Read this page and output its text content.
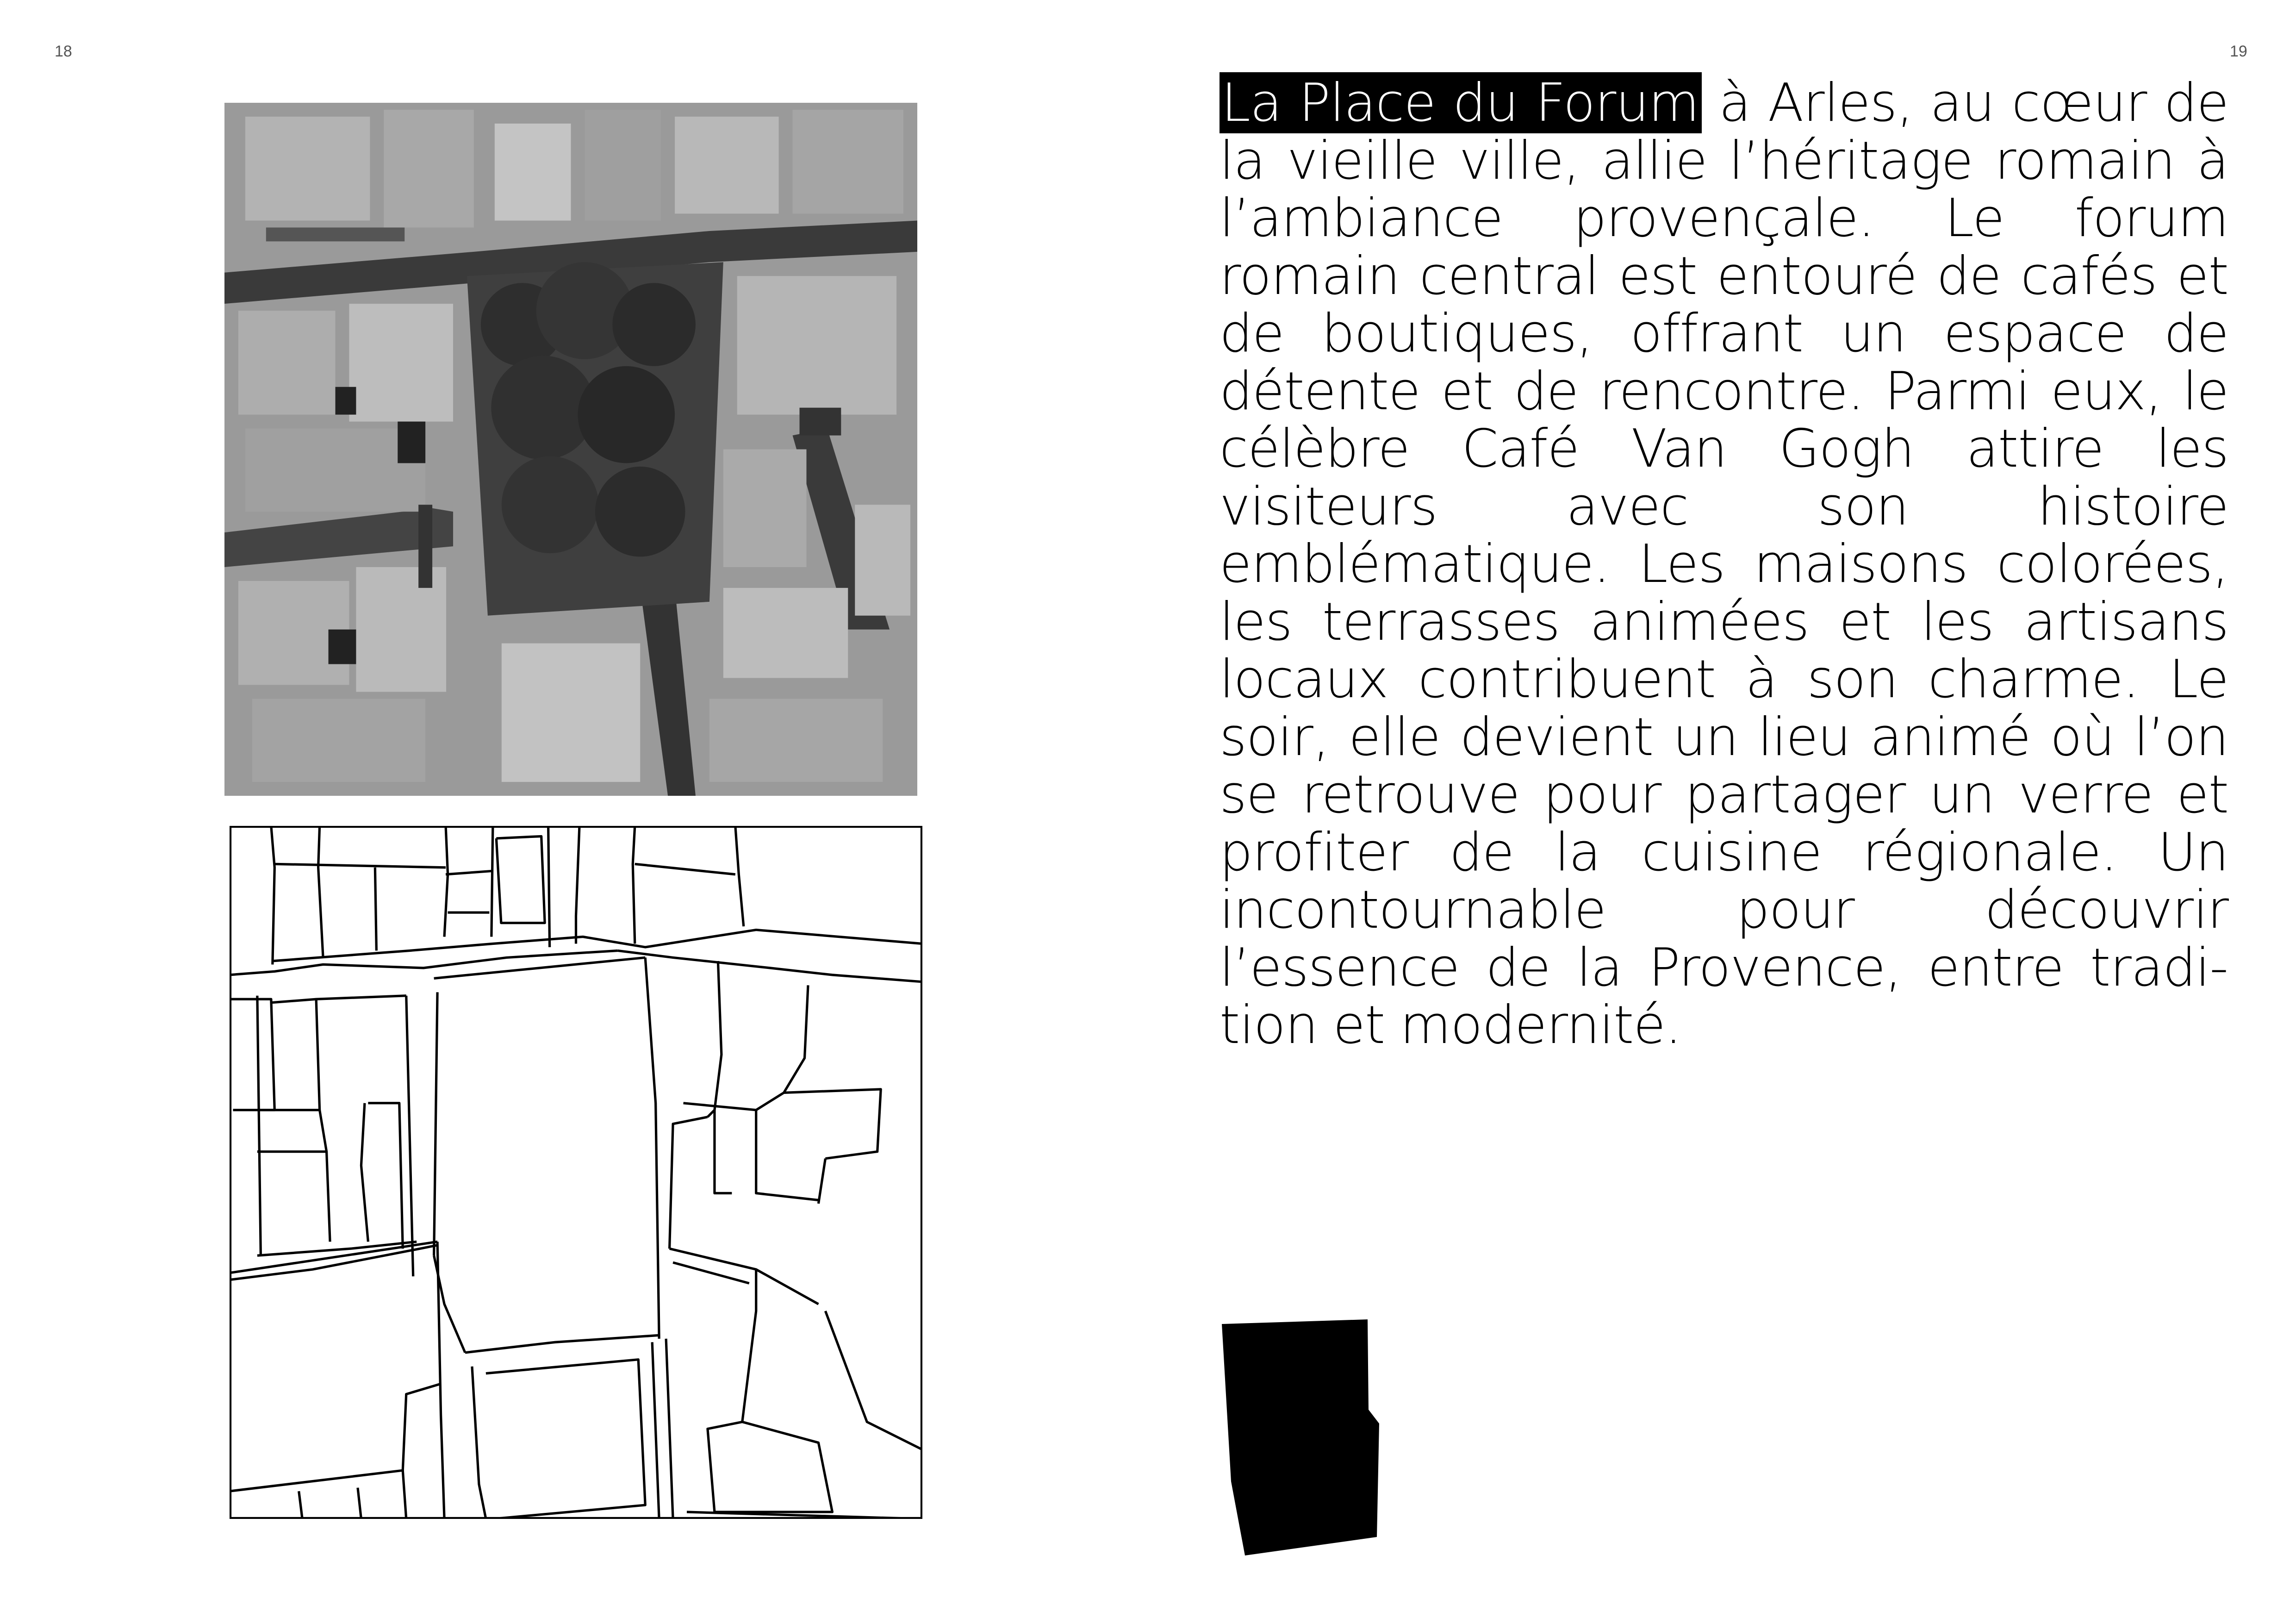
18	19
La Place du Forum à Arles, au cœur de la vieille ville, allie l’héritage romain à l’ambiance provençale. Le forum romain central est entouré de cafés et de boutiques, offrant un espace de détente et de rencontre. Parmi eux, le célèbre Café Van Gogh attire les visiteurs avec son histoire emblématique. Les maisons colorées, les terrasses animées et les artisans locaux contribuent à son charme. Le soir, elle devient un lieu animé où l’on se retrouve pour partager un verre et profiter de la cuisine régionale. Un incontournable pour découvrir l’essence de la Provence, entre tradition et modernité.
